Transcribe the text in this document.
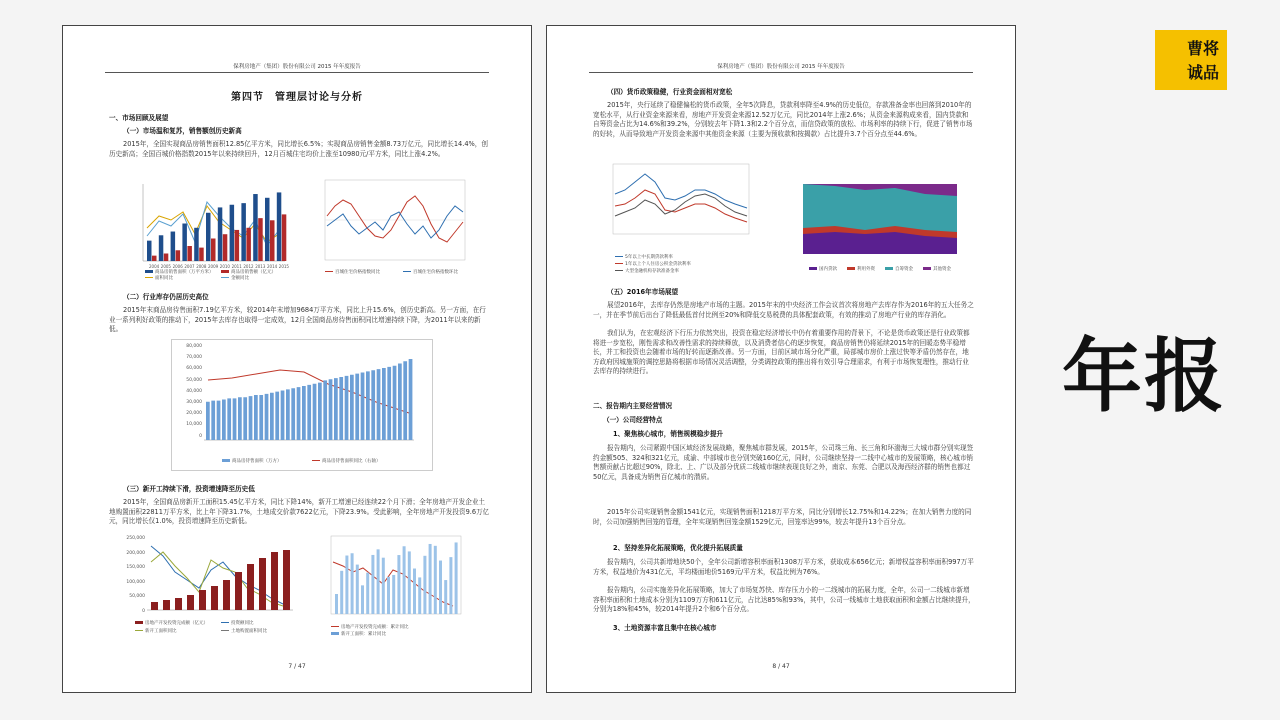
保利房地产（集团）股份有限公司 2015 年年度报告
第四节　管理层讨论与分析
一、市场回顾及展望
（一）市场温和复苏，销售额创历史新高
2015年，全国实现商品房销售面积12.85亿平方米，同比增长6.5%；实现商品房销售金额8.73万亿元，同比增长14.4%，创历史新高；全国百城价格指数2015年以来持续回升，12月百城住宅均价上涨至10980元/平方米，同比上涨4.2%。
2004 2005 2006 2007 2008 2009 2010 2011 2012 2013 2014 2015
商品房销售面积（万平方米）	商品房销售额（亿元）
面积同比	金额同比
百城住宅价格指数同比	百城住宅价格指数环比
（二）行业库存仍居历史高位
2015年末商品房待售面积7.19亿平方米，较2014年末增加9684万平方米，同比上升15.6%，创历史新高。另一方面，在行业一系列利好政策的推动下，2015年去库存也取得一定成效，12月全国商品房待售面积同比增速持续下降，为2011年以来的新低。
80,000
70,000
60,000
50,000
40,000
30,000
20,000
10,000
0
商品房待售面积（万方）	商品房待售面积同比（右轴）
（三）新开工持续下滑，投资增速降至历史低
2015年，全国商品房新开工面积15.45亿平方米，同比下降14%，新开工增速已经连续22个月下滑；全年房地产开发企业土地购置面积22811万平方米，比上年下降31.7%，土地成交价款7622亿元，下降23.9%。受此影响，全年房地产开发投资9.6万亿元，同比增长仅1.0%，投资增速降至历史新低。
250,000
200,000
150,000
100,000
50,000
0
房地产开发投资完成额（亿元）	投资额同比
新开工面积同比	土地购置面积同比
房地产开发投资完成额：累计同比
新开工面积：累计同比
7 / 47
保利房地产（集团）股份有限公司 2015 年年度报告
（四）货币政策稳健，行业资金面相对宽松
2015年，央行延续了稳健偏松的货币政策，全年5次降息，贷款利率降至4.9%的历史低位，存款准备金率也回落到2010年的宽松水平，从行业资金来源来看，房地产开发资金来源12.52万亿元，同比2014年上涨2.6%；从资金来源构成来看，国内贷款和自筹资金占比为14.6%和39.2%，分别较去年下降1.3和2.2个百分点，而信贷政策的放松、市场利率的持续下行，促进了销售市场的好转，从而导致地产开发资金来源中其他资金来源（主要为预收款和按揭款）占比提升3.7个百分点至44.6%。
5年以上中长期贷款利率
1年以上个人住房公积金贷款利率
大型金融机构存款准备金率	国内贷款	利用外资	自筹资金	其他资金
（五）2016年市场展望
展望2016年，去库存仍然是房地产市场的主题。2015年末的中央经济工作会议首次将房地产去库存作为2016年的五大任务之一，并在季节前后出台了降低最低首付比例至20%和降低交易税费的具体配套政策，有效的推动了房地产行业的库存消化。
我们认为，在宏观经济下行压力依然突出，投资在稳定经济增长中仍有着重要作用的背景下，不论是货币政策还是行业政策都将进一步宽松，刚性需求和改善性需求的持续释放，以及消费者信心的逐步恢复，商品房销售仍将延续2015年的回暖态势平稳增长，并工和投资也会随着市场的好转而逐渐改善。另一方面，目前区域市场分化严重，局部城市房价上涨过快等矛盾仍然存在，地方政府因城施策的调控思路将根据市场情况灵活调整，分类调控政策的推出将有效引导合理需求，有利于市场恢复理性，推动行业去库存的持续进行。
二、报告期内主要经营情况
（一）公司经营特点
1、聚焦核心城市，销售规模稳步提升
报告期内，公司紧跟中国区域经济发展战略，聚焦城市群发展，2015年，公司珠三角、长三角和环渤海三大城市群分别实现签约金额505、324和321亿元，成渝、中部城市也分别突破160亿元，同时，公司继续坚持一二线中心城市的发展策略，核心城市销售额贡献占比超过90%，除北、上、广以及部分优质二线城市继续表现良好之外，南京、东莞、合肥以及海西经济群的销售也都过50亿元，具备成为销售百亿城市的潜质。
2015年公司实现销售金额1541亿元，实现销售面积1218万平方米，同比分别增长12.75%和14.22%；在加大销售力度的同时，公司加强销售回笼的管理，全年实现销售回笼金额1529亿元，回笼率达99%，较去年提升13个百分点。
2、坚持差异化拓展策略，优化提升拓展质量
报告期内，公司共新增地块50个，全年公司新增容积率面积1308万平方米，获取成本656亿元；新增权益容积率面积997万平方米，权益地价为431亿元，平均楼面地价5169元/平方米，权益比例为76%。
报告期内，公司实施差异化拓展策略，加大了市场复苏快、库存压力小的一二线城市的拓展力度，全年，公司一二线城市新增容积率面积和土地成本分别为1109万方和611亿元，占比达85%和93%，其中，公司一线城市土地获取面积和金额占比继续提升，分别为18%和45%，较2014年提升2个和6个百分点。
3、土地资源丰富且集中在核心城市
8 / 47
曹将
诚品
年报
